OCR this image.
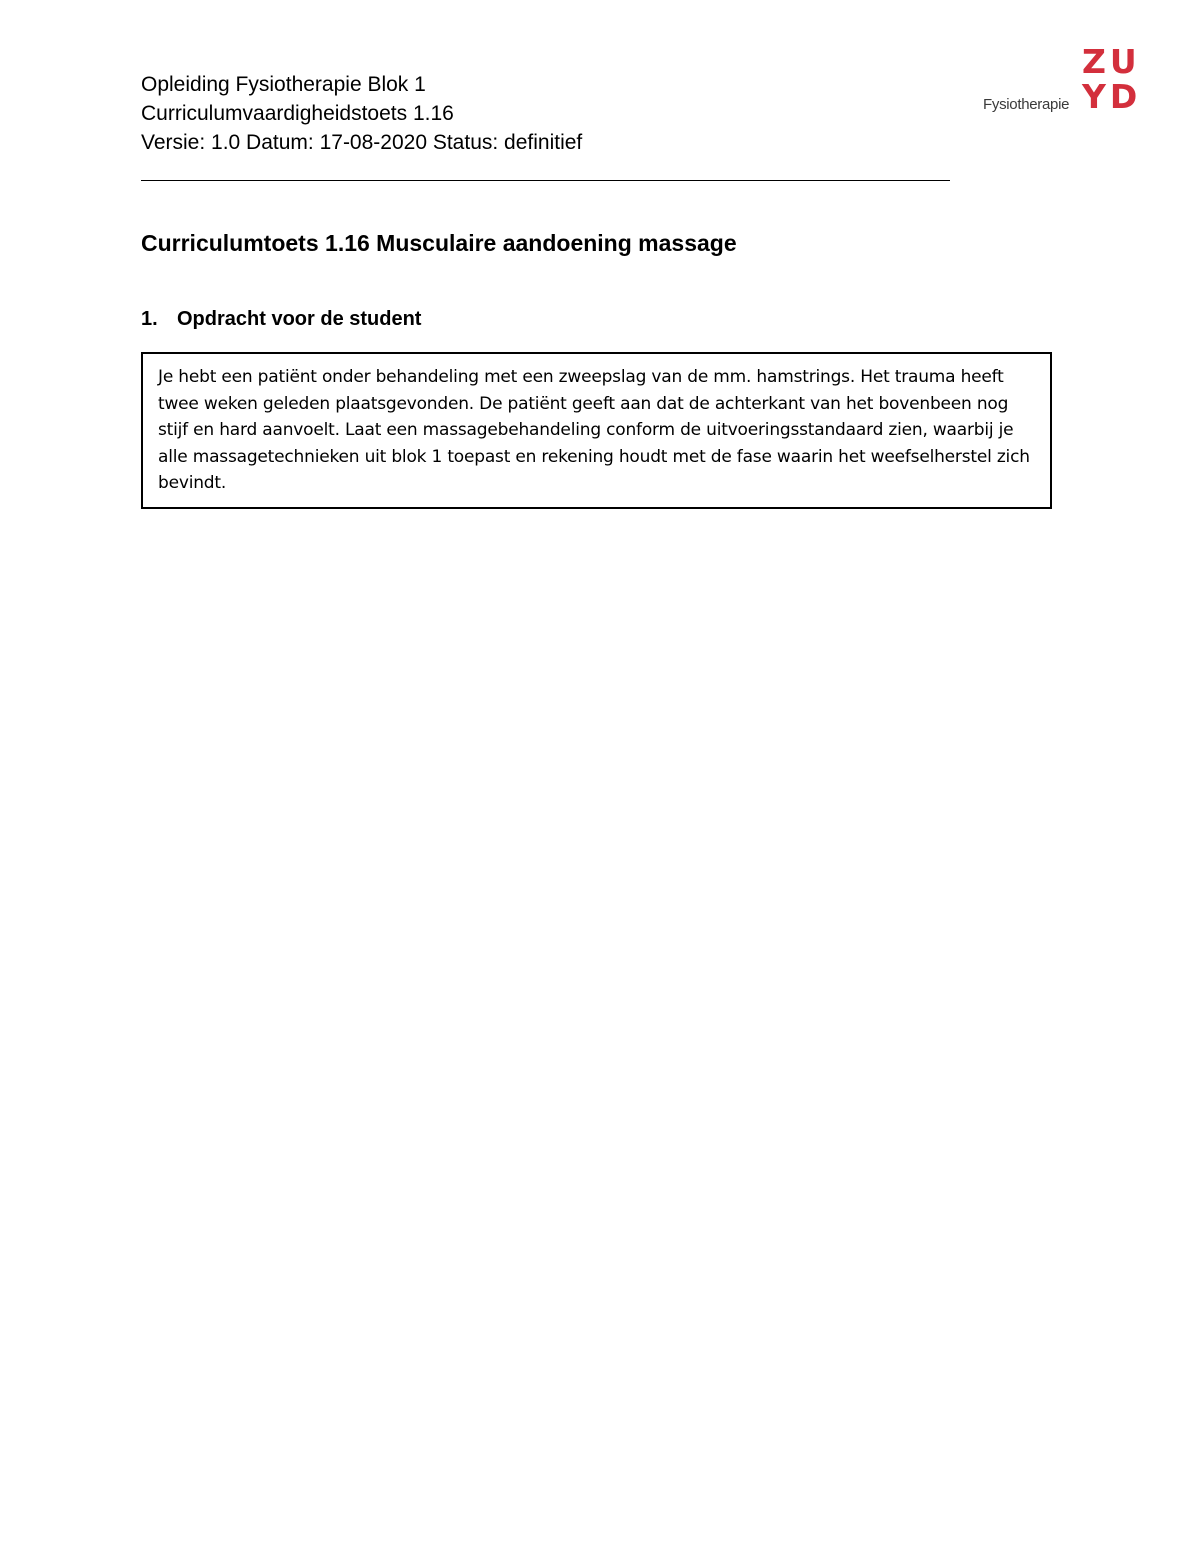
Opleiding Fysiotherapie Blok 1
Curriculumvaardigheidstoets 1.16
Versie: 1.0 Datum: 17-08-2020 Status: definitief
Fysiotherapie
ZU
YD
Curriculumtoets 1.16 Musculaire aandoening massage
1. Opdracht voor de student

Je hebt een patiënt onder behandeling met een zweepslag van de mm. hamstrings. Het trauma heeft twee weken geleden plaatsgevonden. De patiënt geeft aan dat de achterkant van het bovenbeen nog stijf en hard aanvoelt. Laat een massagebehandeling conform de uitvoeringsstandaard zien, waarbij je alle massagetechnieken uit blok 1 toepast en rekening houdt met de fase waarin het weefselherstel zich bevindt.
